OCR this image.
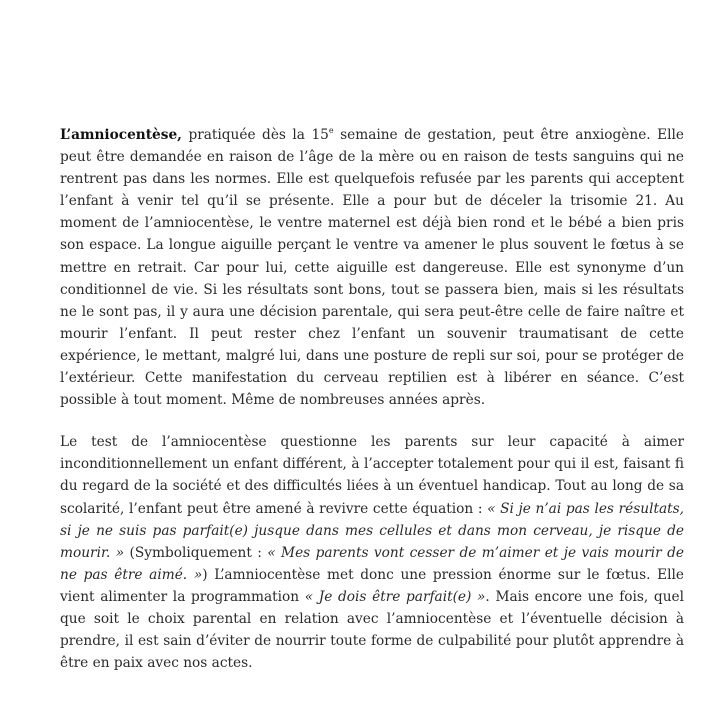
L’amniocentèse, pratiquée dès la 15e semaine de gestation, peut être anxiogène. Elle peut être demandée en raison de l’âge de la mère ou en raison de tests sanguins qui ne rentrent pas dans les normes. Elle est quelquefois refusée par les parents qui acceptent l’enfant à venir tel qu’il se présente. Elle a pour but de déceler la trisomie 21. Au moment de l’amniocentèse, le ventre maternel est déjà bien rond et le bébé a bien pris son espace. La longue aiguille perçant le ventre va amener le plus souvent le fœtus à se mettre en retrait. Car pour lui, cette aiguille est dangereuse. Elle est synonyme d’un conditionnel de vie. Si les résultats sont bons, tout se passera bien, mais si les résultats ne le sont pas, il y aura une décision parentale, qui sera peut-être celle de faire naître et mourir l’enfant. Il peut rester chez l’enfant un souvenir traumatisant de cette expérience, le mettant, malgré lui, dans une posture de repli sur soi, pour se protéger de l’extérieur. Cette manifestation du cerveau reptilien est à libérer en séance. C’est possible à tout moment. Même de nombreuses années après.

Le test de l’amniocentèse questionne les parents sur leur capacité à aimer inconditionnellement un enfant différent, à l’accepter totalement pour qui il est, faisant fi du regard de la société et des difficultés liées à un éventuel handicap. Tout au long de sa scolarité, l’enfant peut être amené à revivre cette équation : « Si je n’ai pas les résultats, si je ne suis pas parfait(e) jusque dans mes cellules et dans mon cerveau, je risque de mourir. » (Symboliquement : « Mes parents vont cesser de m’aimer et je vais mourir de ne pas être aimé. ») L’amniocentèse met donc une pression énorme sur le fœtus. Elle vient alimenter la programmation « Je dois être parfait(e) ». Mais encore une fois, quel que soit le choix parental en relation avec l’amniocentèse et l’éventuelle décision à prendre, il est sain d’éviter de nourrir toute forme de culpabilité pour plutôt apprendre à être en paix avec nos actes.
